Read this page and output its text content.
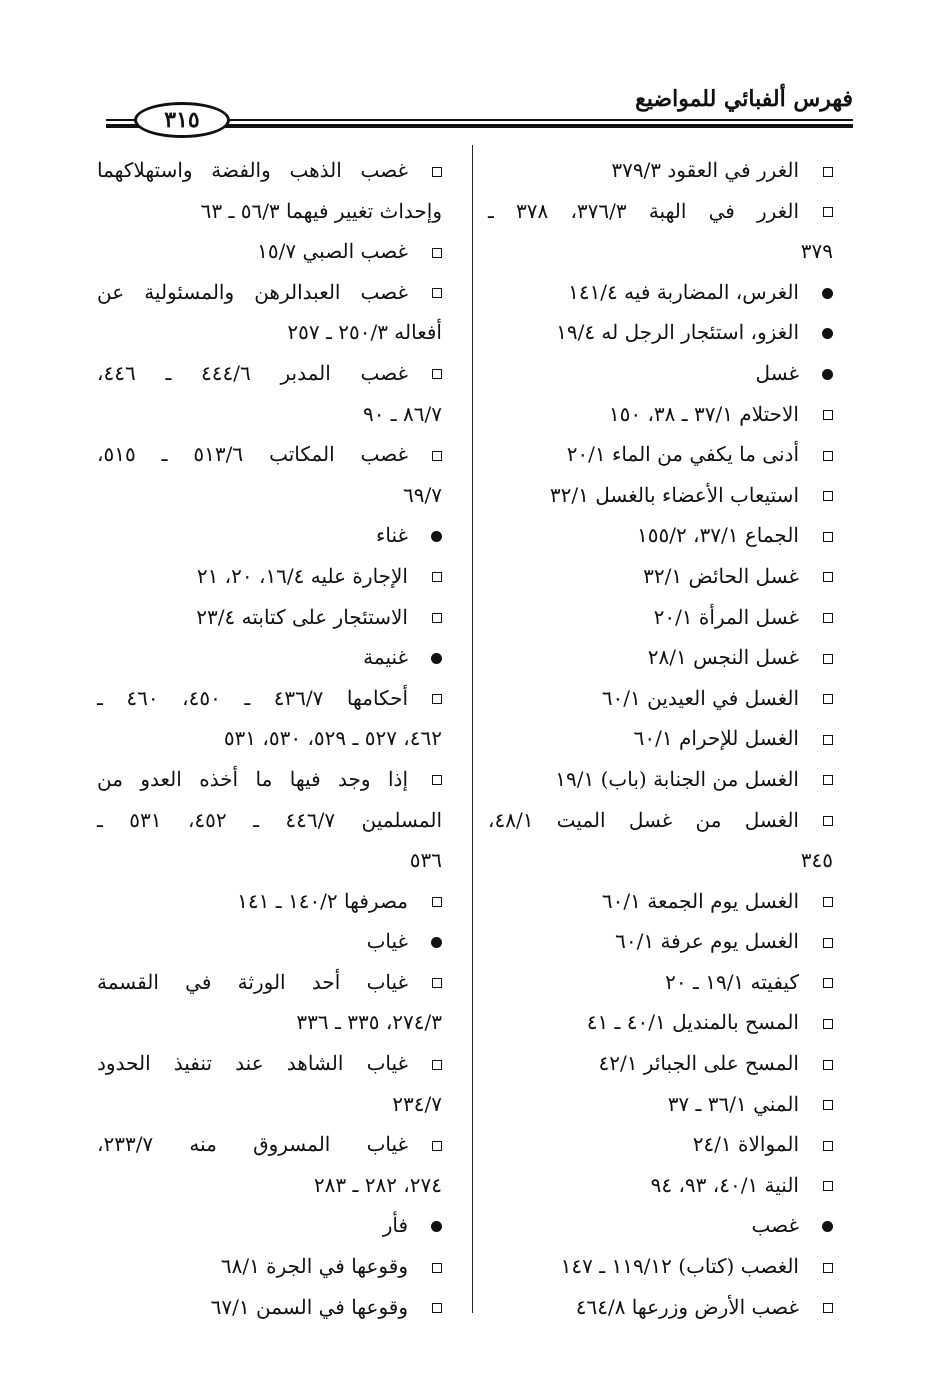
فهرس ألفبائي للمواضيع
٣١٥
الغرر في العقود ٣٧٩/٣
الغرر في الهبة ٣٧٦/٣، ٣٧٨ ـ
٣٧٩
الغرس، المضاربة فيه ١٤١/٤
الغزو، استئجار الرجل له ١٩/٤
غسل
الاحتلام ٣٧/١ ـ ٣٨، ١٥٠
أدنى ما يكفي من الماء ٢٠/١
استيعاب الأعضاء بالغسل ٣٢/١
الجماع ٣٧/١، ١٥٥/٢
غسل الحائض ٣٢/١
غسل المرأة ٢٠/١
غسل النجس ٢٨/١
الغسل في العيدين ٦٠/١
الغسل للإحرام ٦٠/١
الغسل من الجنابة (باب) ١٩/١
الغسل من غسل الميت ٤٨/١،
٣٤٥
الغسل يوم الجمعة ٦٠/١
الغسل يوم عرفة ٦٠/١
كيفيته ١٩/١ ـ ٢٠
المسح بالمنديل ٤٠/١ ـ ٤١
المسح على الجبائر ٤٢/١
المني ٣٦/١ ـ ٣٧
الموالاة ٢٤/١
النية ٤٠/١، ٩٣، ٩٤
غصب
الغصب (كتاب) ١١٩/١٢ ـ ١٤٧
غصب الأرض وزرعها ٤٦٤/٨
غصب الذهب والفضة واستهلاكهما
وإحداث تغيير فيهما ٥٦/٣ ـ ٦٣
غصب الصبي ١٥/٧
غصب العبدالرهن والمسئولية عن
أفعاله ٢٥٠/٣ ـ ٢٥٧
غصب المدبر ٤٤٤/٦ ـ ٤٤٦،
٨٦/٧ ـ ٩٠
غصب المكاتب ٥١٣/٦ ـ ٥١٥،
٦٩/٧
غناء
الإجارة عليه ١٦/٤، ٢٠، ٢١
الاستئجار على كتابته ٢٣/٤
غنيمة
أحكامها ٤٣٦/٧ ـ ٤٥٠، ٤٦٠ ـ
٤٦٢، ٥٢٧ ـ ٥٢٩، ٥٣٠، ٥٣١
إذا وجد فيها ما أخذه العدو من
المسلمين ٤٤٦/٧ ـ ٤٥٢، ٥٣١ ـ
٥٣٦
مصرفها ١٤٠/٢ ـ ١٤١
غياب
غياب أحد الورثة في القسمة
٢٧٤/٣، ٣٣٥ ـ ٣٣٦
غياب الشاهد عند تنفيذ الحدود
٢٣٤/٧
غياب المسروق منه ٢٣٣/٧،
٢٧٤، ٢٨٢ ـ ٢٨٣
فأر
وقوعها في الجرة ٦٨/١
وقوعها في السمن ٦٧/١
